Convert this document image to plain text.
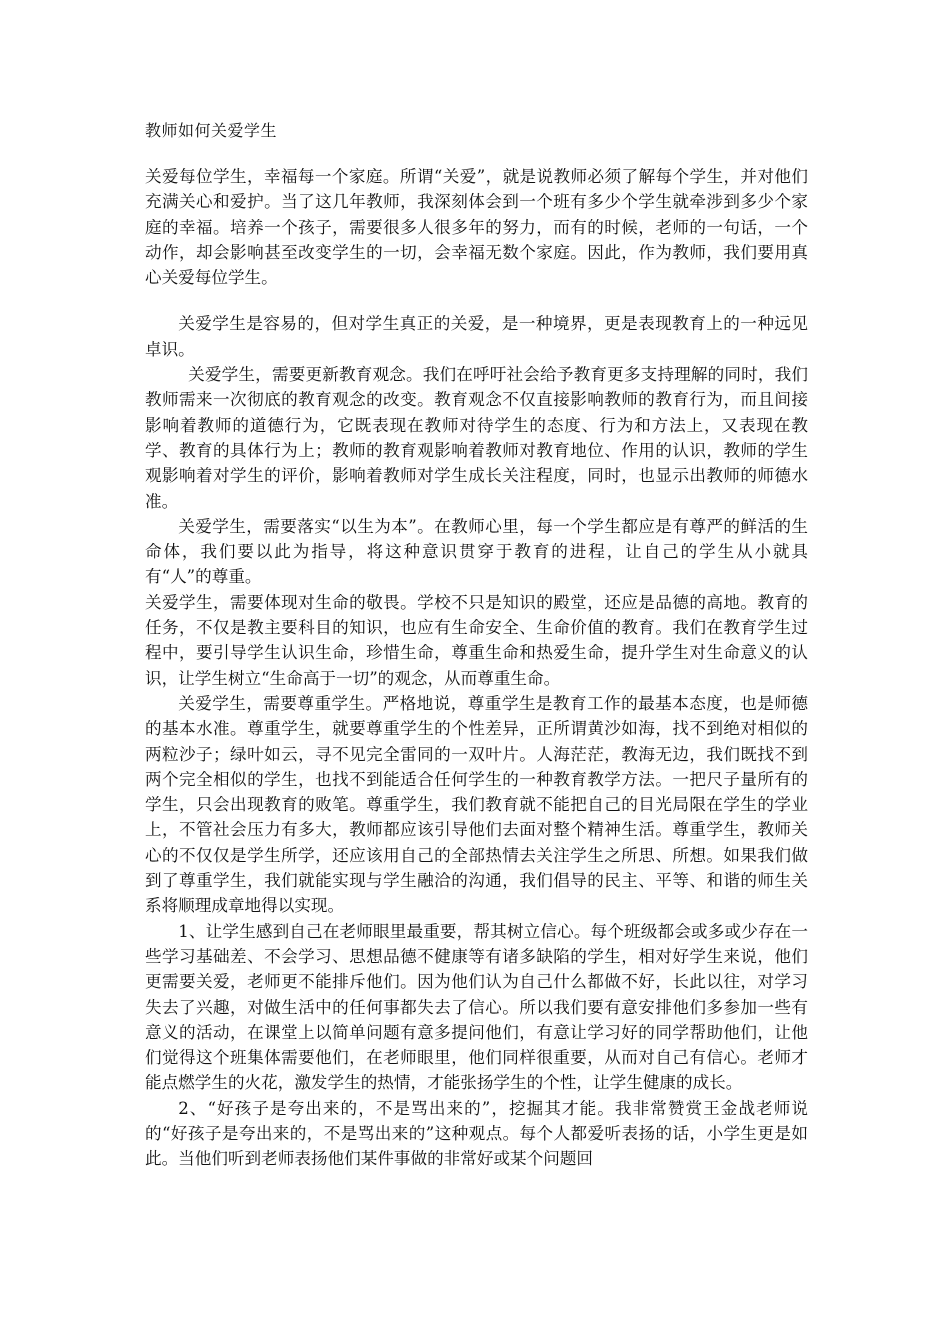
教师如何关爱学生

关爱每位学生，幸福每一个家庭。所谓“关爱”，就是说教师必须了解每个学生，并对他们充满关心和爱护。当了这几年教师，我深刻体会到一个班有多少个学生就牵涉到多少个家庭的幸福。培养一个孩子，需要很多人很多年的努力，而有的时候，老师的一句话，一个动作，却会影响甚至改变学生的一切，会幸福无数个家庭。因此，作为教师，我们要用真心关爱每位学生。

关爱学生是容易的，但对学生真正的关爱，是一种境界，更是表现教育上的一种远见卓识。

关爱学生，需要更新教育观念。我们在呼吁社会给予教育更多支持理解的同时，我们教师需来一次彻底的教育观念的改变。教育观念不仅直接影响教师的教育行为，而且间接影响着教师的道德行为，它既表现在教师对待学生的态度、行为和方法上，又表现在教学、教育的具体行为上；教师的教育观影响着教师对教育地位、作用的认识，教师的学生观影响着对学生的评价，影响着教师对学生成长关注程度，同时，也显示出教师的师德水准。

关爱学生，需要落实“以生为本”。在教师心里，每一个学生都应是有尊严的鲜活的生命体，我们要以此为指导，将这种意识贯穿于教育的进程，让自己的学生从小就具有“人”的尊重。

关爱学生，需要体现对生命的敬畏。学校不只是知识的殿堂，还应是品德的高地。教育的任务，不仅是教主要科目的知识，也应有生命安全、生命价值的教育。我们在教育学生过程中，要引导学生认识生命，珍惜生命，尊重生命和热爱生命，提升学生对生命意义的认识，让学生树立“生命高于一切”的观念，从而尊重生命。

关爱学生，需要尊重学生。严格地说，尊重学生是教育工作的最基本态度，也是师德的基本水准。尊重学生，就要尊重学生的个性差异，正所谓黄沙如海，找不到绝对相似的两粒沙子；绿叶如云，寻不见完全雷同的一双叶片。人海茫茫，教海无边，我们既找不到两个完全相似的学生，也找不到能适合任何学生的一种教育教学方法。一把尺子量所有的学生，只会出现教育的败笔。尊重学生，我们教育就不能把自己的目光局限在学生的学业上，不管社会压力有多大，教师都应该引导他们去面对整个精神生活。尊重学生，教师关心的不仅仅是学生所学，还应该用自己的全部热情去关注学生之所思、所想。如果我们做到了尊重学生，我们就能实现与学生融洽的沟通，我们倡导的民主、平等、和谐的师生关系将顺理成章地得以实现。

1、让学生感到自己在老师眼里最重要，帮其树立信心。每个班级都会或多或少存在一些学习基础差、不会学习、思想品德不健康等有诸多缺陷的学生，相对好学生来说，他们更需要关爱，老师更不能排斥他们。因为他们认为自己什么都做不好，长此以往，对学习失去了兴趣，对做生活中的任何事都失去了信心。所以我们要有意安排他们多参加一些有意义的活动，在课堂上以简单问题有意多提问他们，有意让学习好的同学帮助他们，让他们觉得这个班集体需要他们，在老师眼里，他们同样很重要，从而对自己有信心。老师才能点燃学生的火花，激发学生的热情，才能张扬学生的个性，让学生健康的成长。

2、“好孩子是夸出来的，不是骂出来的”，挖掘其才能。我非常赞赏王金战老师说的“好孩子是夸出来的，不是骂出来的”这种观点。每个人都爱听表扬的话，小学生更是如此。当他们听到老师表扬他们某件事做的非常好或某个问题回
